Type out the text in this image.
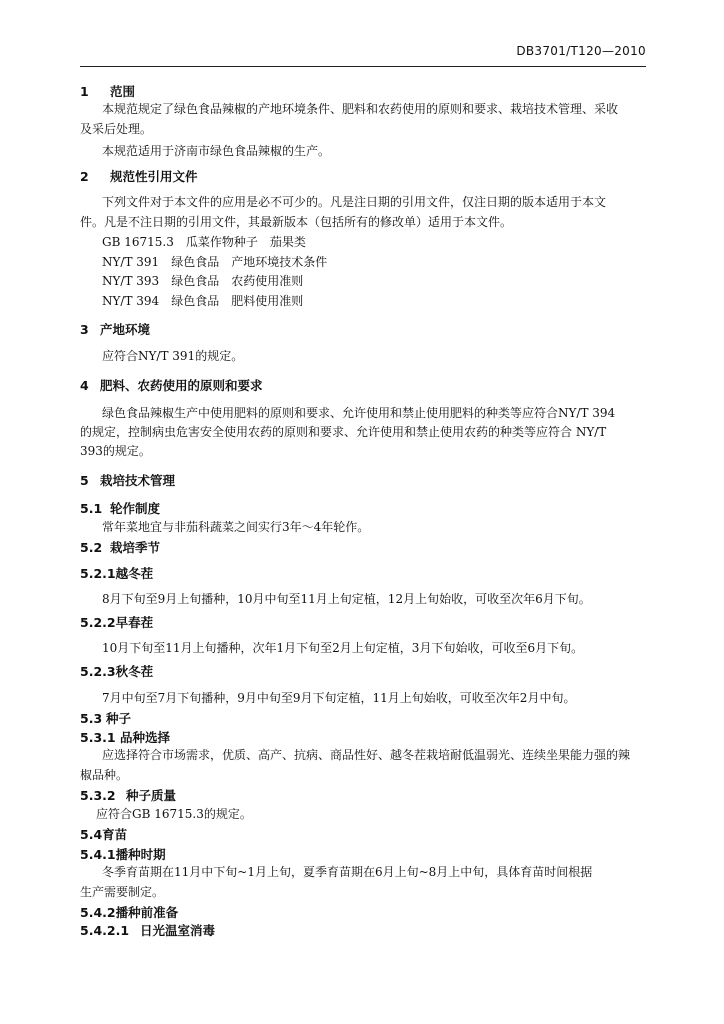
DB3701/T120—2010
1 范围
本规范规定了绿色食品辣椒的产地环境条件、肥料和农药使用的原则和要求、栽培技术管理、采收
及采后处理。
本规范适用于济南市绿色食品辣椒的生产。
2 规范性引用文件
下列文件对于本文件的应用是必不可少的。凡是注日期的引用文件，仅注日期的版本适用于本文
件。凡是不注日期的引用文件，其最新版本（包括所有的修改单）适用于本文件。
GB 16715.3　瓜菜作物种子　茄果类
NY/T 391　绿色食品　产地环境技术条件
NY/T 393　绿色食品　农药使用准则
NY/T 394　绿色食品　肥料使用准则
3 产地环境
应符合NY/T 391的规定。
4 肥料、农药使用的原则和要求
绿色食品辣椒生产中使用肥料的原则和要求、允许使用和禁止使用肥料的种类等应符合NY/T 394
的规定，控制病虫危害安全使用农药的原则和要求、允许使用和禁止使用农药的种类等应符合 NY/T
393的规定。
5 栽培技术管理
5.1 轮作制度
常年菜地宜与非茄科蔬菜之间实行3年～4年轮作。
5.2 栽培季节
5.2.1越冬茬
8月下旬至9月上旬播种，10月中旬至11月上旬定植，12月上旬始收，可收至次年6月下旬。
5.2.2早春茬
10月下旬至11月上旬播种，次年1月下旬至2月上旬定植，3月下旬始收，可收至6月下旬。
5.2.3秋冬茬
7月中旬至7月下旬播种，9月中旬至9月下旬定植，11月上旬始收，可收至次年2月中旬。
5.3 种子
5.3.1 品种选择
应选择符合市场需求，优质、高产、抗病、商品性好、越冬茬栽培耐低温弱光、连续坐果能力强的辣
椒品种。
5.3.2 种子质量
应符合GB 16715.3的规定。
5.4育苗
5.4.1播种时期
冬季育苗期在11月中下旬~1月上旬，夏季育苗期在6月上旬~8月上中旬，具体育苗时间根据
生产需要制定。
5.4.2播种前准备
5.4.2.1 日光温室消毒
